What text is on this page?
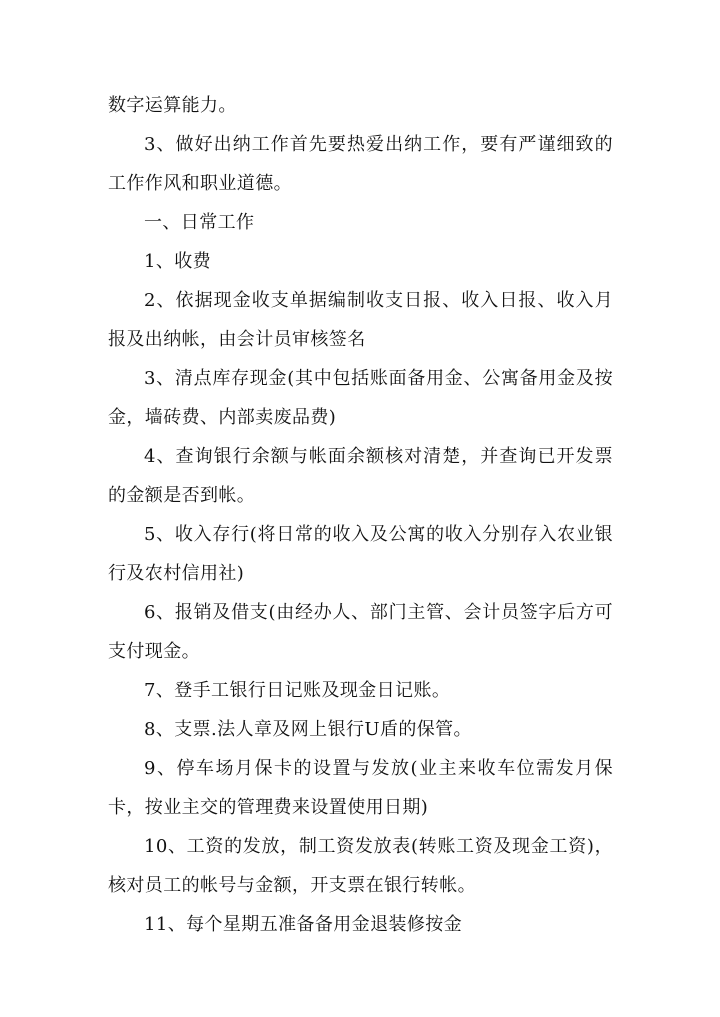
数字运算能力。

3、做好出纳工作首先要热爱出纳工作，要有严谨细致的工作作风和职业道德。

一、日常工作

1、收费

2、依据现金收支单据编制收支日报、收入日报、收入月报及出纳帐，由会计员审核签名

3、清点库存现金(其中包括账面备用金、公寓备用金及按金，墙砖费、内部卖废品费)

4、查询银行余额与帐面余额核对清楚，并查询已开发票的金额是否到帐。

5、收入存行(将日常的收入及公寓的收入分别存入农业银行及农村信用社)

6、报销及借支(由经办人、部门主管、会计员签字后方可支付现金。

7、登手工银行日记账及现金日记账。

8、支票.法人章及网上银行U盾的保管。

9、停车场月保卡的设置与发放(业主来收车位需发月保卡，按业主交的管理费来设置使用日期)

10、工资的发放，制工资发放表(转账工资及现金工资)，核对员工的帐号与金额，开支票在银行转帐。

11、每个星期五准备备用金退装修按金
